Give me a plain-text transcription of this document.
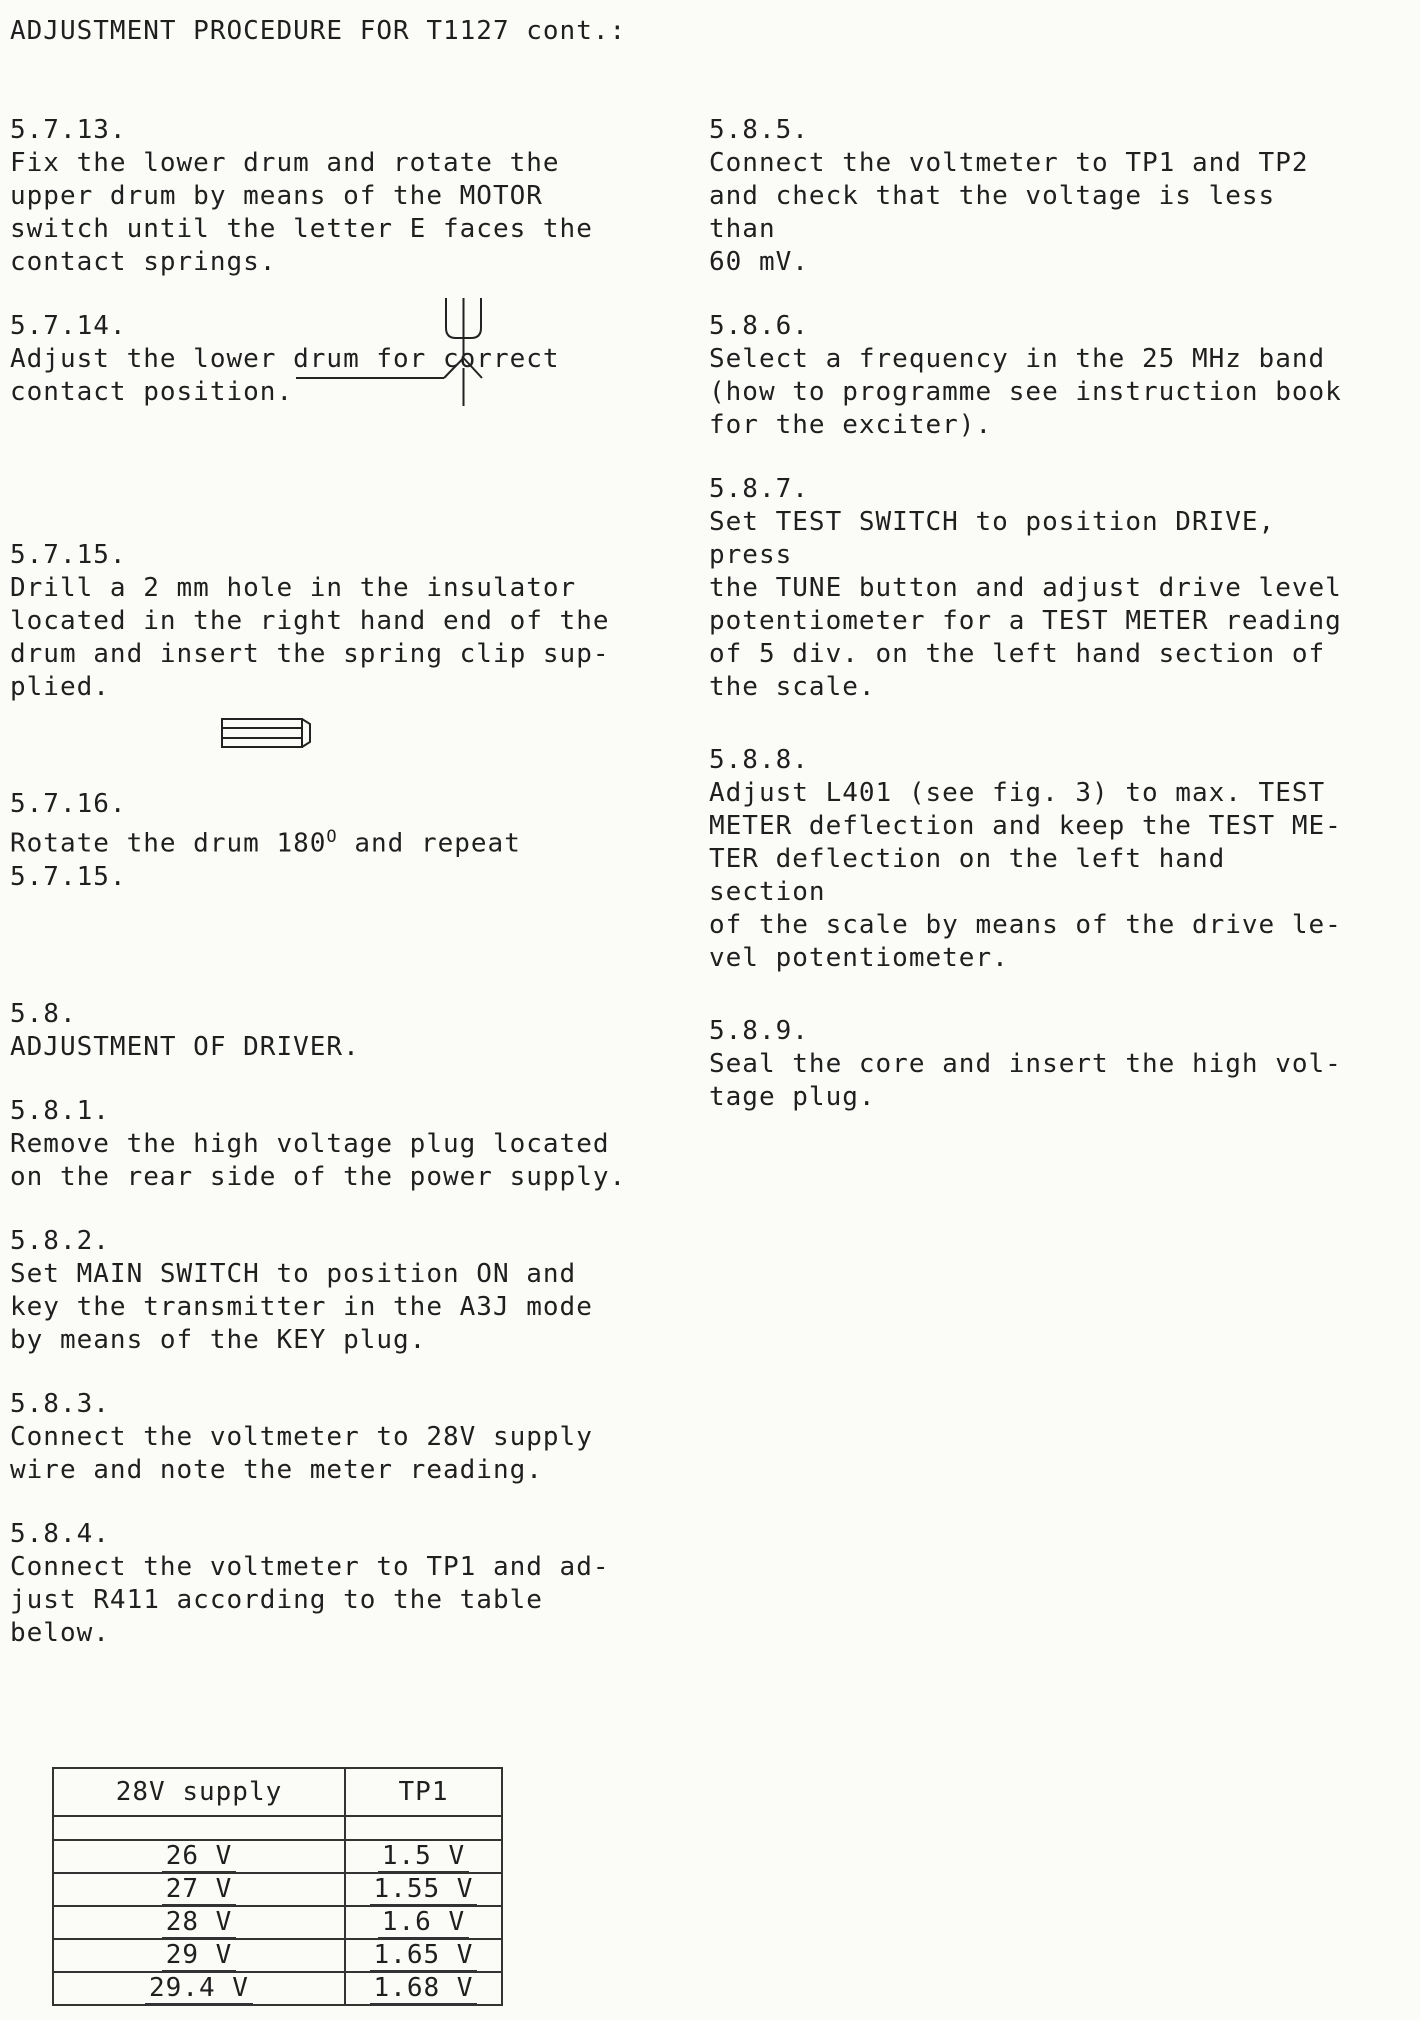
ADJUSTMENT PROCEDURE FOR T1127 cont.:
5.7.13.
Fix the lower drum and rotate the
upper drum by means of the MOTOR
switch until the letter E faces the
contact springs.
5.7.14.
Adjust the lower drum for correct
contact position.
5.7.15.
Drill a 2 mm hole in the insulator
located in the right hand end of the
drum and insert the spring clip sup-
plied.
5.7.16.
Rotate the drum $180^O$ and repeat
5.7.15.
5.8.
ADJUSTMENT OF DRIVER.
5.8.1.
Remove the high voltage plug located
on the rear side of the power supply.
5.8.2.
Set MAIN SWITCH to position ON and
key the transmitter in the A3J mode
by means of the KEY plug.
5.8.3.
Connect the voltmeter to 28V supply
wire and note the meter reading.
5.8.4.
Connect the voltmeter to TP1 and ad-
just R411 according to the table below.
5.8.5.
Connect the voltmeter to TP1 and TP2
and check that the voltage is less than
60 mV.
5.8.6.
Select a frequency in the 25 MHz band
(how to programme see instruction book
for the exciter).
5.8.7.
Set TEST SWITCH to position DRIVE, press
the TUNE button and adjust drive level
potentiometer for a TEST METER reading
of 5 div. on the left hand section of
the scale.
5.8.8.
Adjust L401 (see fig. 3) to max. TEST
METER deflection and keep the TEST ME-
TER deflection on the left hand section
of the scale by means of the drive le-
vel potentiometer.
5.8.9.
Seal the core and insert the high vol-
tage plug.
28V supply	TP1

26 V	1.5 V
27 V	1.55 V
28 V	1.6 V
29 V	1.65 V
29.4 V	1.68 V
